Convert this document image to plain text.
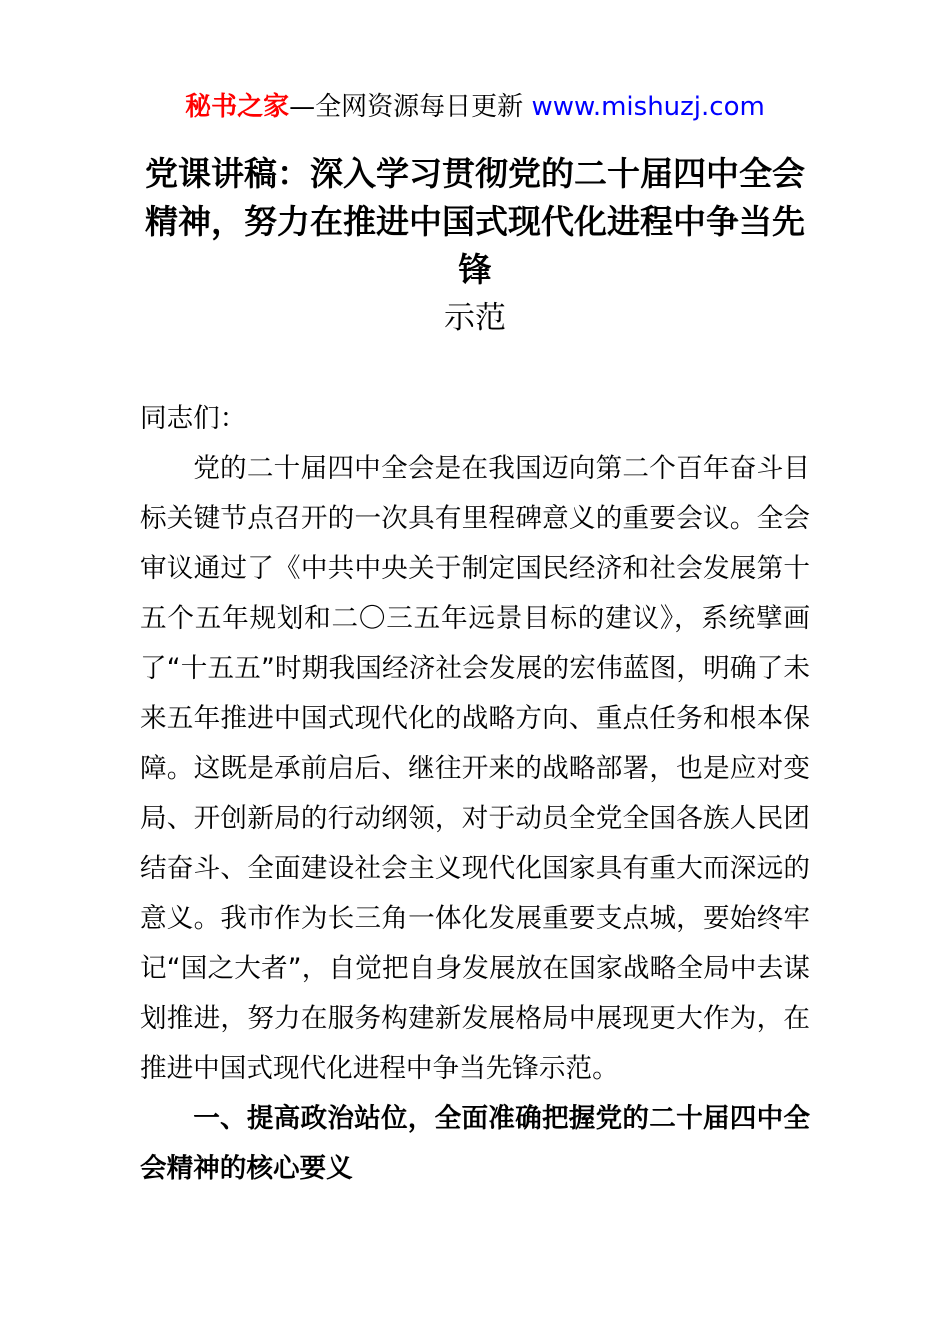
秘书之家—全网资源每日更新 www.mishuzj.com
党课讲稿：深入学习贯彻党的二十届四中全会精神，努力在推进中国式现代化进程中争当先锋
示范

同志们：

党的二十届四中全会是在我国迈向第二个百年奋斗目标关键节点召开的一次具有里程碑意义的重要会议。全会审议通过了《中共中央关于制定国民经济和社会发展第十五个五年规划和二〇三五年远景目标的建议》，系统擘画了“十五五”时期我国经济社会发展的宏伟蓝图，明确了未来五年推进中国式现代化的战略方向、重点任务和根本保障。这既是承前启后、继往开来的战略部署，也是应对变局、开创新局的行动纲领，对于动员全党全国各族人民团结奋斗、全面建设社会主义现代化国家具有重大而深远的意义。我市作为长三角一体化发展重要支点城，要始终牢记“国之大者”，自觉把自身发展放在国家战略全局中去谋划推进，努力在服务构建新发展格局中展现更大作为，在推进中国式现代化进程中争当先锋示范。

一、提高政治站位，全面准确把握党的二十届四中全会精神的核心要义
